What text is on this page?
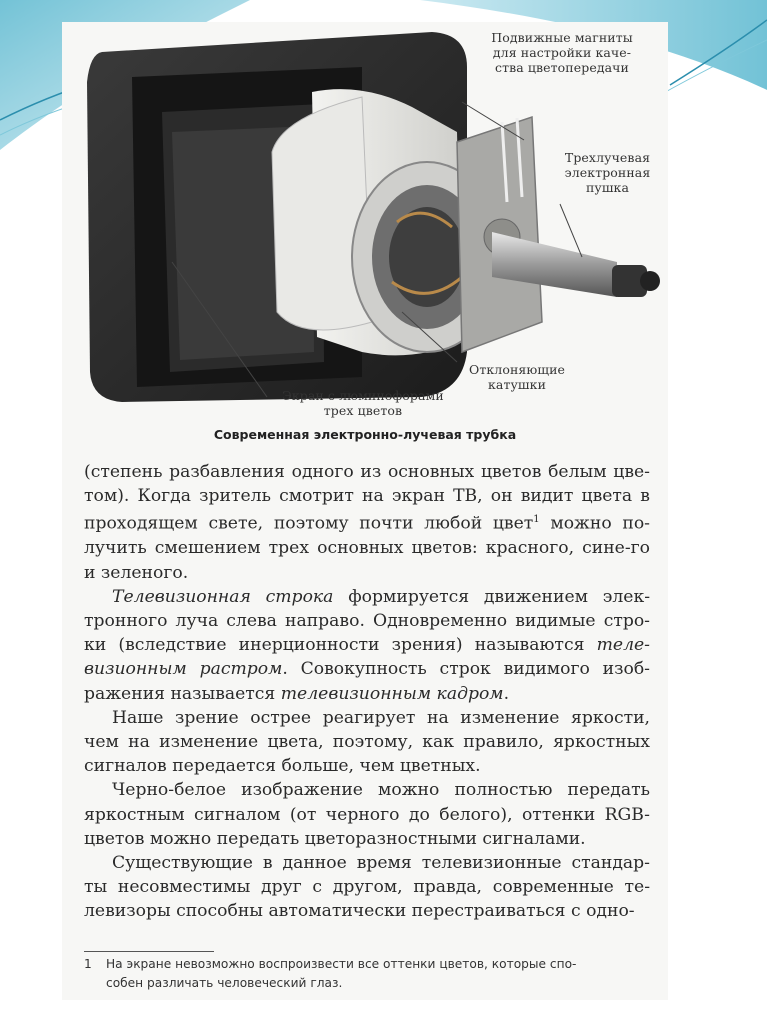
Подвижные магниты
для настройки каче-
ства цветопередачи
Трехлучевая
электронная
пушка
Отклоняющие
катушки
Экран с люминофорами
трех цветов
Современная электронно-лучевая трубка

(степень разбавления одного из основных цветов белым цве-том). Когда зритель смотрит на экран ТВ, он видит цвета в проходящем свете, поэтому почти любой цвет$^1$ можно по-лучить смешением трех основных цветов: красного, сине-го и зеленого.

Телевизионная строка формируется движением элек-тронного луча слева направо. Одновременно видимые стро-ки (вследствие инерционности зрения) называются теле-визионным растром. Совокупность строк видимого изоб-ражения называется телевизионным кадром.

Наше зрение острее реагирует на изменение яркости, чем на изменение цвета, поэтому, как правило, яркостных сигналов передается больше, чем цветных.

Черно-белое изображение можно полностью передать яркостным сигналом (от черного до белого), оттенки RGB-цветов можно передать цветоразностными сигналами.

Существующие в данное время телевизионные стандар-ты несовместимы друг с другом, правда, современные те-левизоры способны автоматически перестраиваться с одно-

1 На экране невозможно воспроизвести все оттенки цветов, которые спо-
собен различать человеческий глаз.
